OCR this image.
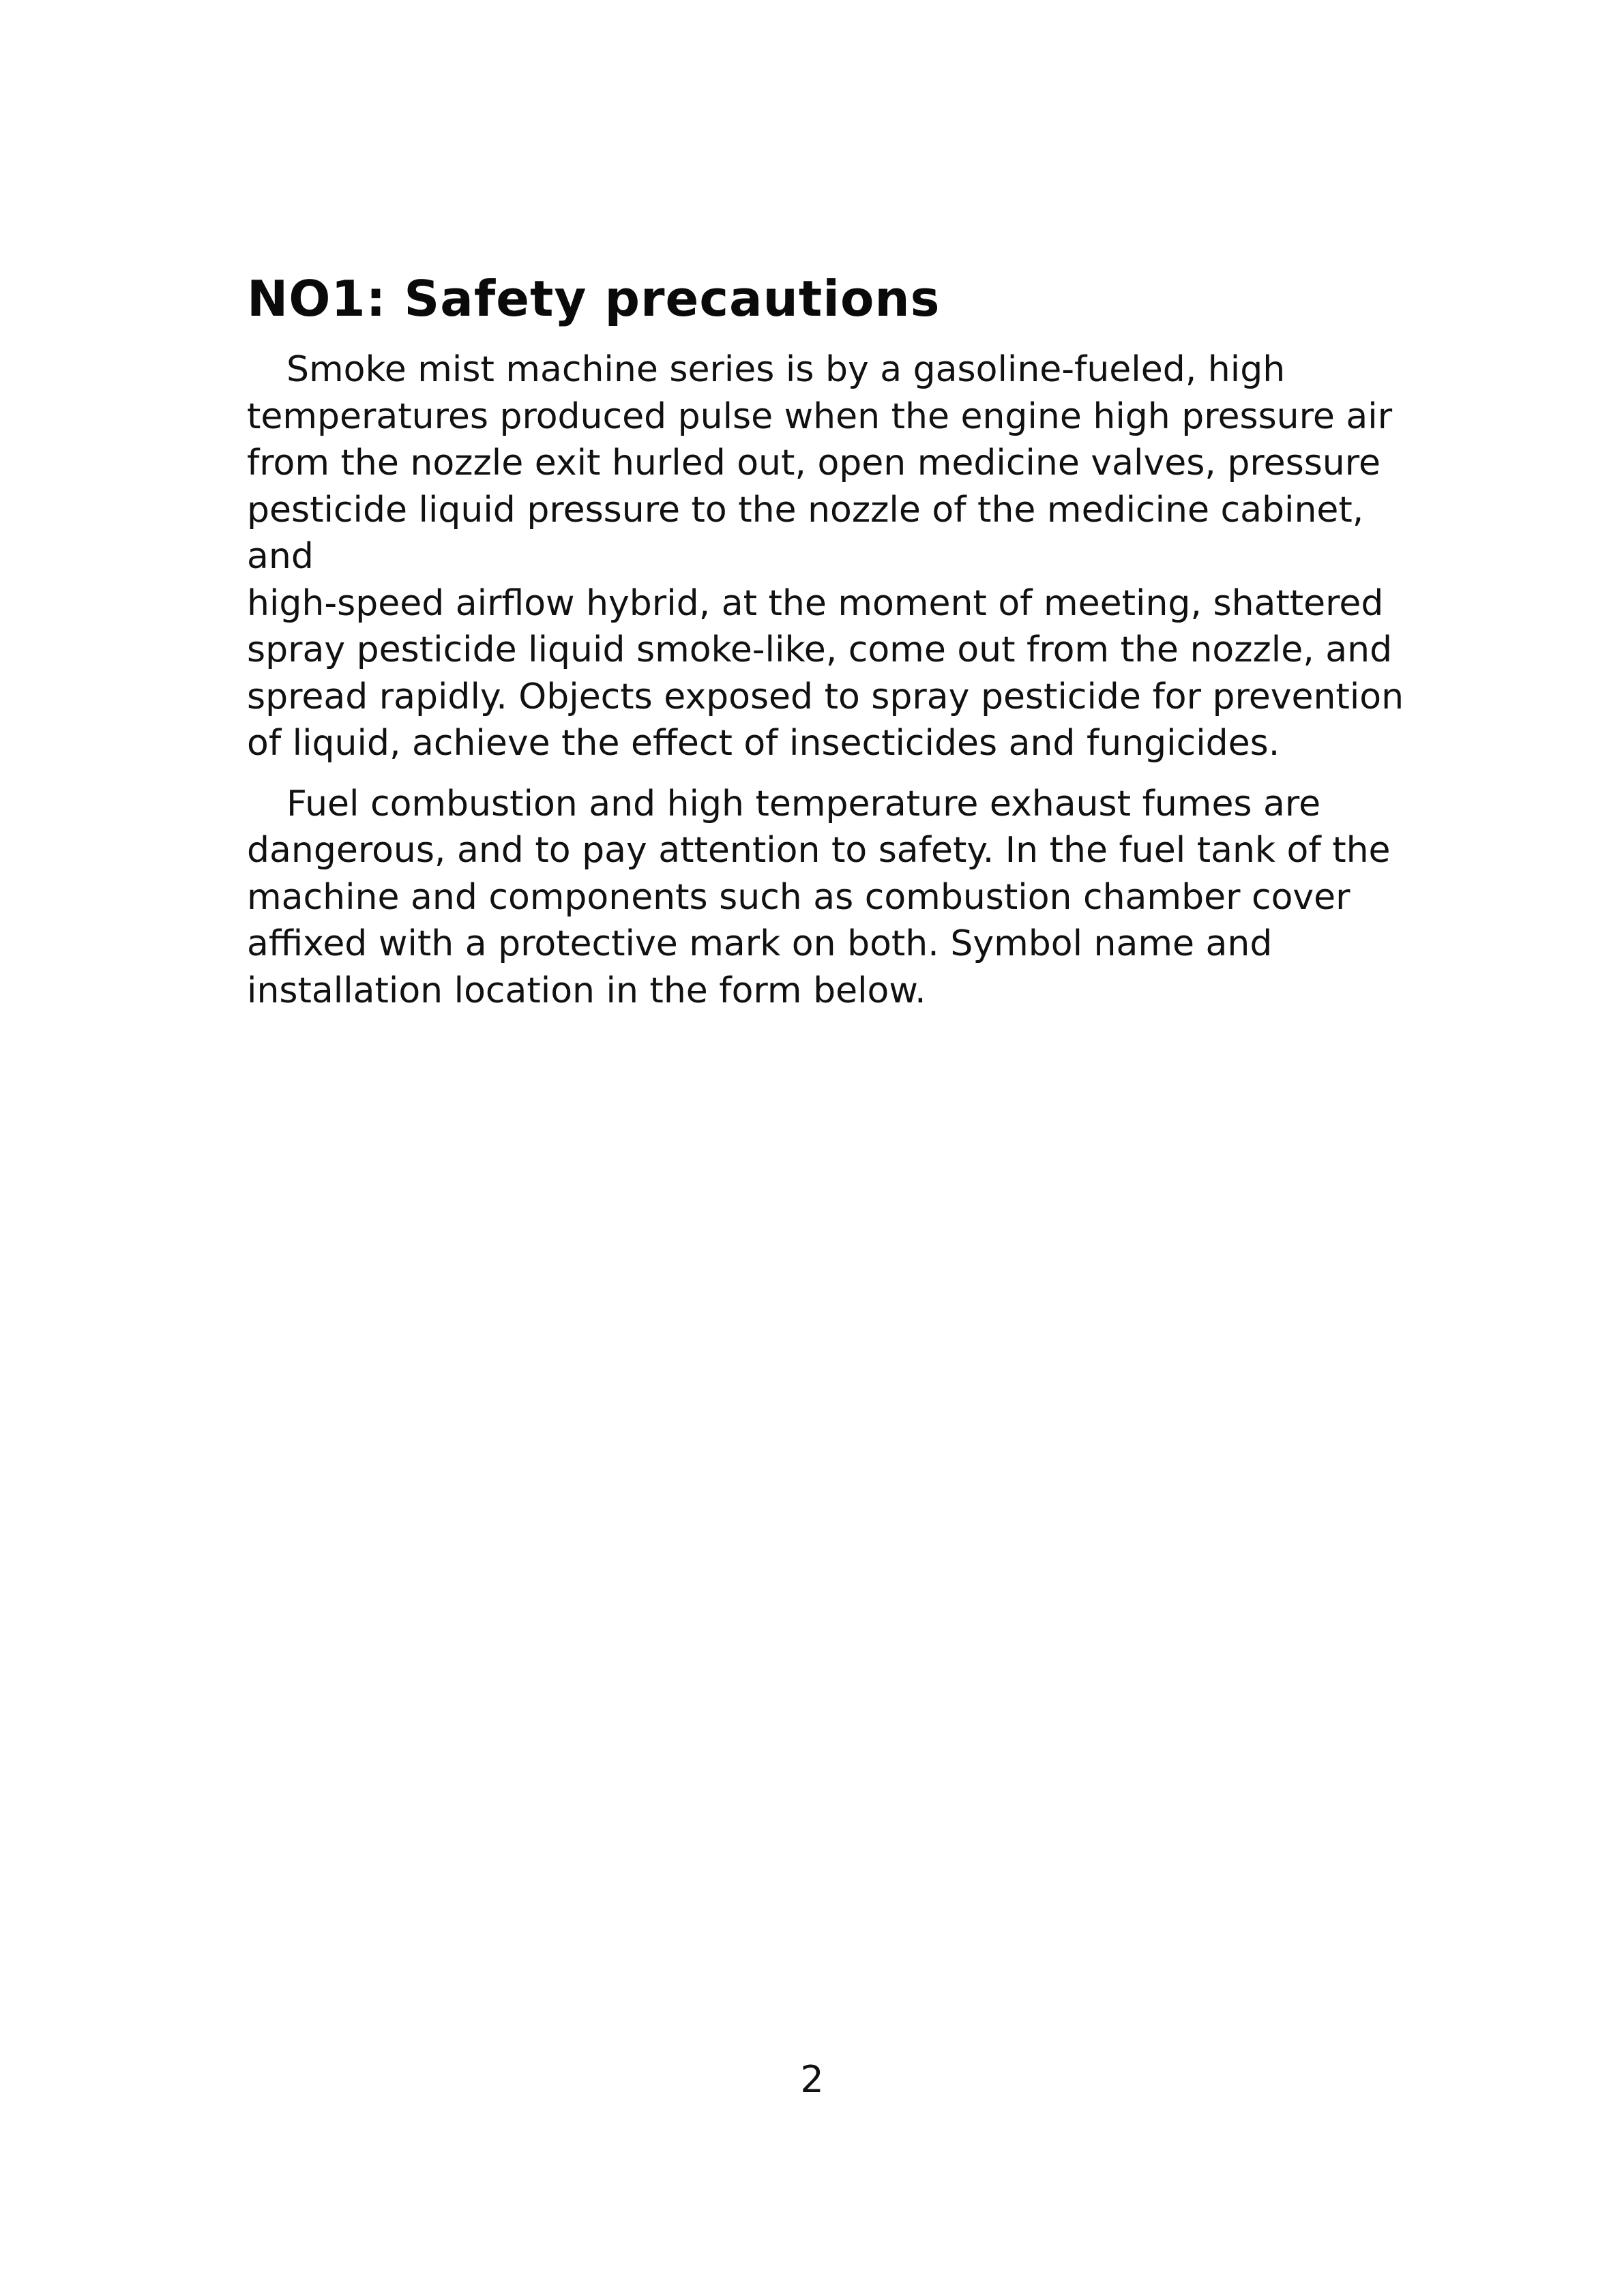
NO1: Safety precautions

Smoke mist machine series is by a gasoline-fueled, high
temperatures produced pulse when the engine high pressure air
from the nozzle exit hurled out, open medicine valves, pressure
pesticide liquid pressure to the nozzle of the medicine cabinet, and
high-speed airflow hybrid, at the moment of meeting, shattered
spray pesticide liquid smoke-like, come out from the nozzle, and
spread rapidly. Objects exposed to spray pesticide for prevention
of liquid, achieve the effect of insecticides and fungicides.

Fuel combustion and high temperature exhaust fumes are
dangerous, and to pay attention to safety. In the fuel tank of the
machine and components such as combustion chamber cover
affixed with a protective mark on both. Symbol name and
installation location in the form below.

2
